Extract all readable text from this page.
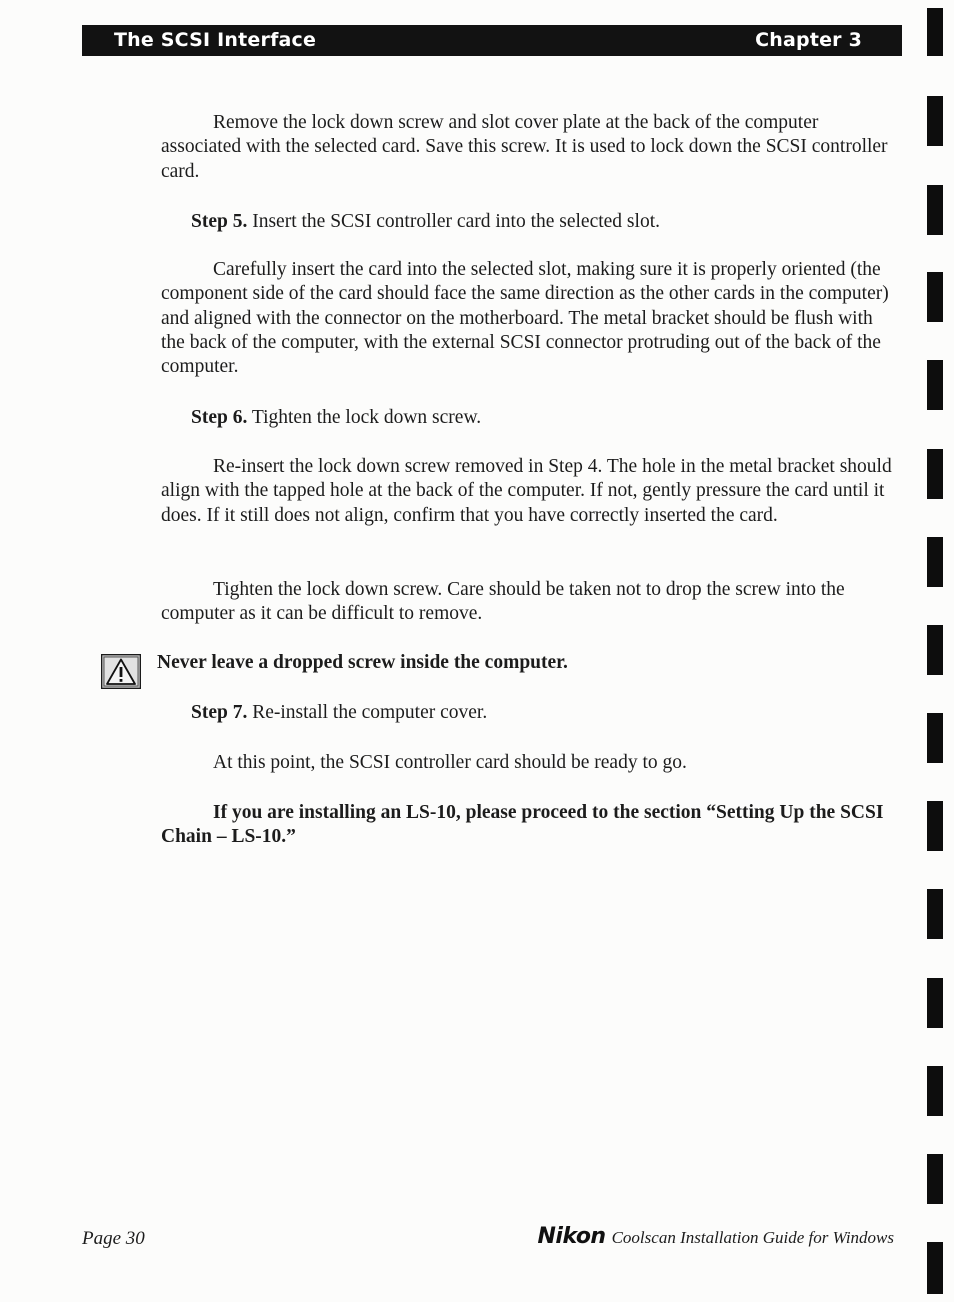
The SCSI Interface	Chapter 3

Remove the lock down screw and slot cover plate at the back of the computer associated with the selected card. Save this screw. It is used to lock down the SCSI controller card.

Step 5. Insert the SCSI controller card into the selected slot.

Carefully insert the card into the selected slot, making sure it is properly oriented (the component side of the card should face the same direction as the other cards in the computer) and aligned with the connector on the motherboard. The metal bracket should be flush with the back of the computer, with the external SCSI connector protruding out of the back of the computer.

Step 6. Tighten the lock down screw.

Re-insert the lock down screw removed in Step 4. The hole in the metal bracket should align with the tapped hole at the back of the computer. If not, gently pressure the card until it does. If it still does not align, confirm that you have correctly inserted the card.

Tighten the lock down screw. Care should be taken not to drop the screw into the computer as it can be difficult to remove.

Never leave a dropped screw inside the computer.

Step 7. Re-install the computer cover.

At this point, the SCSI controller card should be ready to go.

If you are installing an LS-10, please proceed to the section “Setting Up the SCSI Chain – LS-10.”

Page 30	Nikon Coolscan Installation Guide for Windows
